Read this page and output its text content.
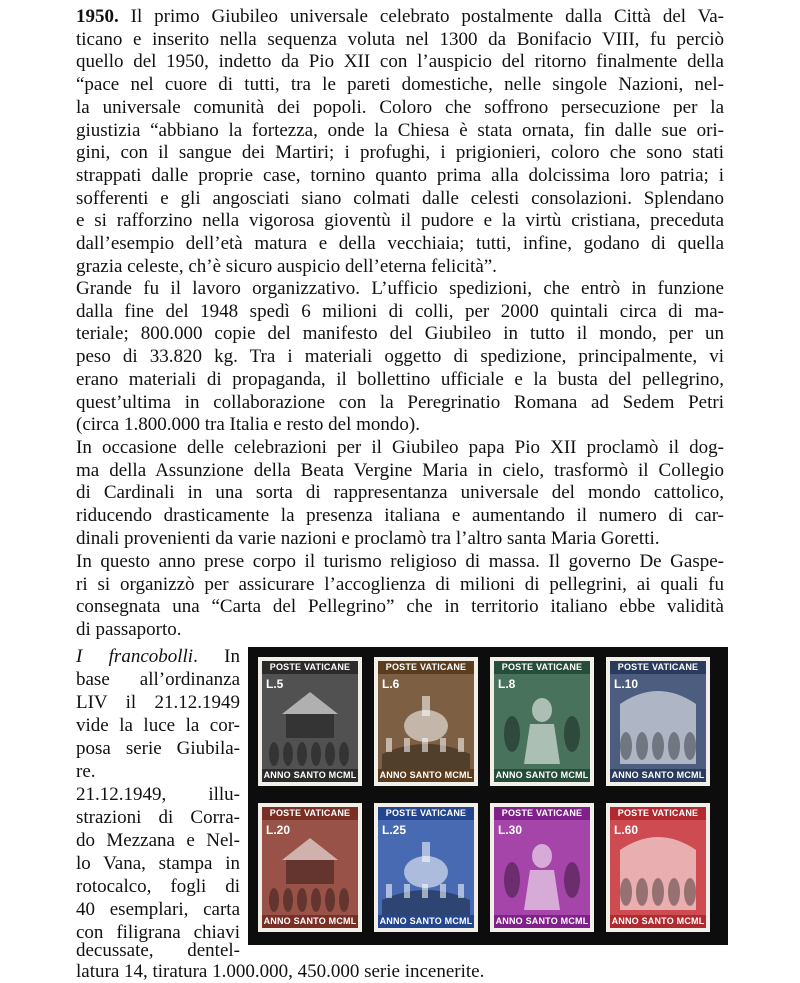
1950. Il primo Giubileo universale celebrato postalmente dalla Città del Va-
ticano e inserito nella sequenza voluta nel 1300 da Bonifacio VIII, fu perciò
quello del 1950, indetto da Pio XII con l’auspicio del ritorno finalmente della
“pace nel cuore di tutti, tra le pareti domestiche, nelle singole Nazioni, nel-
la universale comunità dei popoli. Coloro che soffrono persecuzione per la
giustizia “abbiano la fortezza, onde la Chiesa è stata ornata, fin dalle sue ori-
gini, con il sangue dei Martiri; i profughi, i prigionieri, coloro che sono stati
strappati dalle proprie case, tornino quanto prima alla dolcissima loro patria; i
sofferenti e gli angosciati siano colmati dalle celesti consolazioni. Splendano
e si rafforzino nella vigorosa gioventù il pudore e la virtù cristiana, preceduta
dall’esempio dell’età matura e della vecchiaia; tutti, infine, godano di quella
grazia celeste, ch’è sicuro auspicio dell’eterna felicità”.
Grande fu il lavoro organizzativo. L’ufficio spedizioni, che entrò in funzione
dalla fine del 1948 spedì 6 milioni di colli, per 2000 quintali circa di ma-
teriale; 800.000 copie del manifesto del Giubileo in tutto il mondo, per un
peso di 33.820 kg. Tra i materiali oggetto di spedizione, principalmente, vi
erano materiali di propaganda, il bollettino ufficiale e la busta del pellegrino,
quest’ultima in collaborazione con la Peregrinatio Romana ad Sedem Petri
(circa 1.800.000 tra Italia e resto del mondo).
In occasione delle celebrazioni per il Giubileo papa Pio XII proclamò il dog-
ma della Assunzione della Beata Vergine Maria in cielo, trasformò il Collegio
di Cardinali in una sorta di rappresentanza universale del mondo cattolico,
riducendo drasticamente la presenza italiana e aumentando il numero di car-
dinali provenienti da varie nazioni e proclamò tra l’altro santa Maria Goretti.
In questo anno prese corpo il turismo religioso di massa. Il governo De Gaspe-
ri si organizzò per assicurare l’accoglienza di milioni di pellegrini, ai quali fu
consegnata una “Carta del Pellegrino” che in territorio italiano ebbe validità
di passaporto.
I francobolli. In
base all’ordinanza
LIV il 21.12.1949
vide la luce la cor-
posa serie Giubila-
re.
21.12.1949, illu-
strazioni di Corra-
do Mezzana e Nel-
lo Vana, stampa in
rotocalco, fogli di
40 esemplari, carta
con filigrana chiavi
decussate, dentel-
POSTE VATICANE
L.5
ANNO SANTO MCML
POSTE VATICANE
L.6
ANNO SANTO MCML
POSTE VATICANE
L.8
ANNO SANTO MCML
POSTE VATICANE
L.10
ANNO SANTO MCML
POSTE VATICANE
L.20
ANNO SANTO MCML
POSTE VATICANE
L.25
ANNO SANTO MCML
POSTE VATICANE
L.30
ANNO SANTO MCML
POSTE VATICANE
L.60
ANNO SANTO MCML
latura 14, tiratura 1.000.000, 450.000 serie incenerite.
